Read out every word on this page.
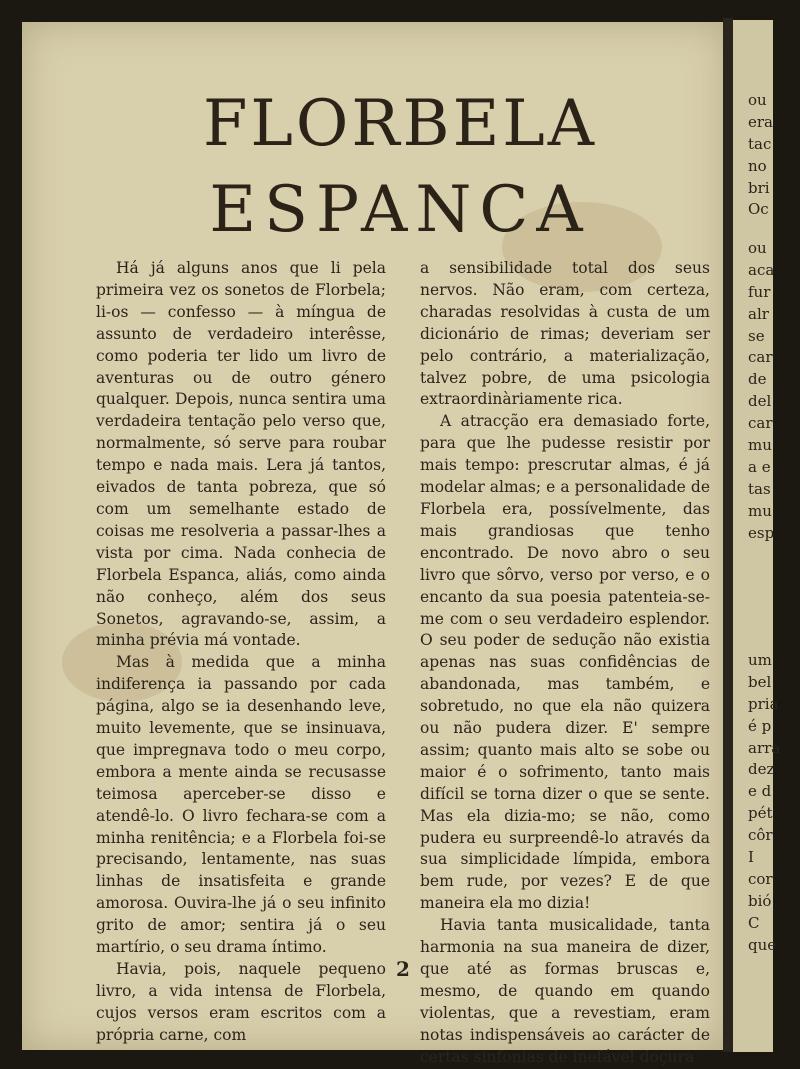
FLORBELA
ESPANCA

Há já alguns anos que li pela primeira vez os sonetos de Florbela; li-os — confesso — à míngua de assunto de verdadeiro interêsse, como poderia ter lido um livro de aventuras ou de outro género qualquer. Depois, nunca sentira uma verdadeira tentação pelo verso que, normalmente, só serve para roubar tempo e nada mais. Lera já tantos, eivados de tanta pobreza, que só com um semelhante estado de coisas me resolveria a passar-lhes a vista por cima. Nada conhecia de Florbela Espanca, aliás, como ainda não conheço, além dos seus Sonetos, agravando-se, assim, a minha prévia má vontade.

Mas à medida que a minha indiferença ia passando por cada página, algo se ia desenhando leve, muito levemente, que se insinuava, que impregnava todo o meu corpo, embora a mente ainda se recusasse teimosa aperceber-se disso e atendê-lo. O livro fechara-se com a minha renitência; e a Florbela foi-se precisando, lentamente, nas suas linhas de insatisfeita e grande amorosa. Ouvira-lhe já o seu infinito grito de amor; sentira já o seu martírio, o seu drama íntimo.

Havia, pois, naquele pequeno livro, a vida intensa de Florbela, cujos versos eram escritos com a própria carne, com

a sensibilidade total dos seus nervos. Não eram, com certeza, charadas resolvidas à custa de um dicionário de rimas; deveriam ser pelo contrário, a materialização, talvez pobre, de uma psicologia extraordinàriamente rica.

A atracção era demasiado forte, para que lhe pudesse resistir por mais tempo: prescrutar almas, é já modelar almas; e a personalidade de Florbela era, possívelmente, das mais grandiosas que tenho encontrado. De novo abro o seu livro que sôrvo, verso por verso, e o encanto da sua poesia patenteia-se-me com o seu verdadeiro esplendor. O seu poder de sedução não existia apenas nas suas confidências de abandonada, mas também, e sobretudo, no que ela não quizera ou não pudera dizer. E' sempre assim; quanto mais alto se sobe ou maior é o sofrimento, tanto mais difícil se torna dizer o que se sente. Mas ela dizia-mo; se não, como pudera eu surpreendê-lo através da sua simplicidade límpida, embora bem rude, por vezes? E de que maneira ela mo dizia!

Havia tanta musicalidade, tanta harmonia na sua maneira de dizer, que até as formas bruscas e, mesmo, de quando em quando violentas, que a revestiam, eram notas indispensáveis ao carácter de certas sinfonias de inefável doçura

2
ou
era
tac
no
bri
Oc
ou
aca
fur
alr
se
car
de
del
car
mu
a e
tas
mu
esp
um
bel
pria
é p
arra
dez
e d
pét
côr
I
cor
bió
C
que
